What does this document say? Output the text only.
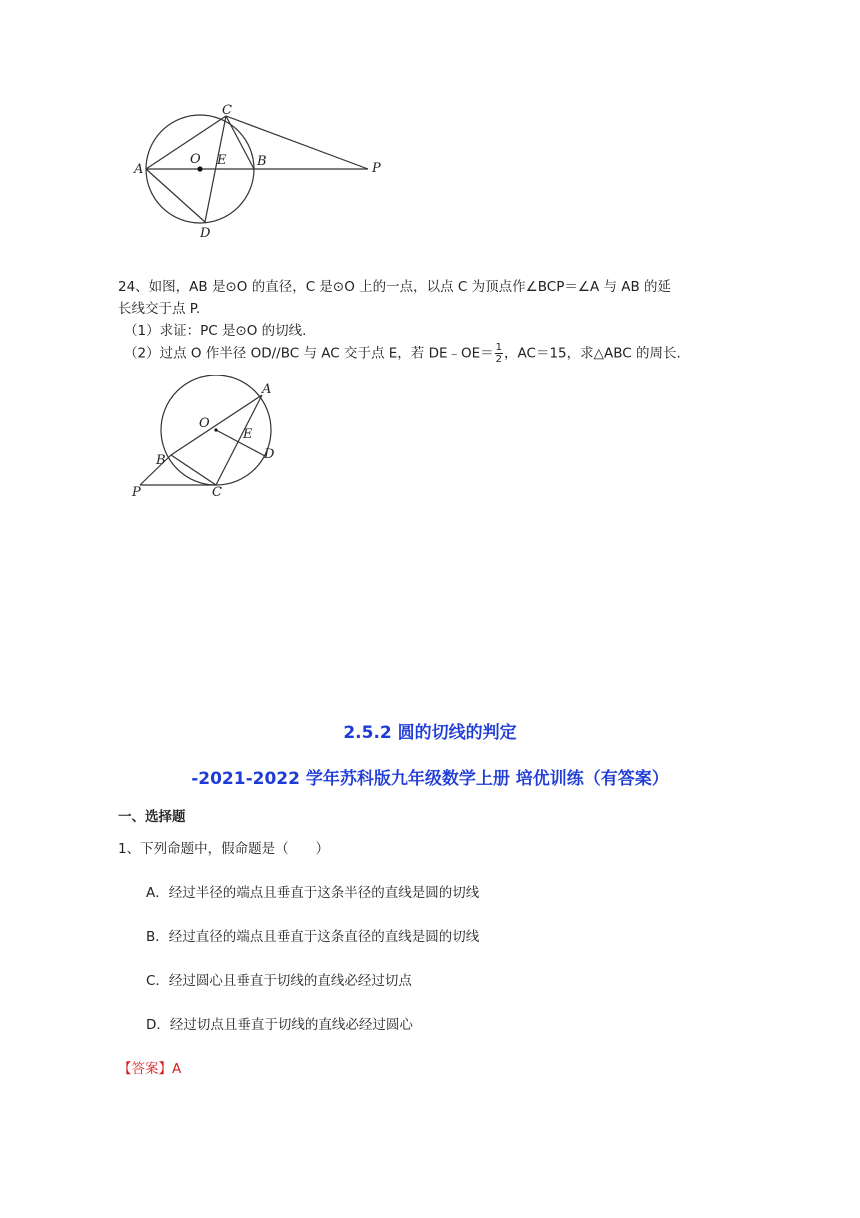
C
A
O E B	P
D
24、如图，AB 是⊙O 的直径，C 是⊙O 上的一点，以点 C 为顶点作∠BCP＝∠A 与 AB 的延
长线交于点 P.
（1）求证：PC 是⊙O 的切线.
（2）过点 O 作半径 OD//BC 与 AC 交于点 E，若 DE﹣OE＝ $\frac{1}{2}$ ，AC＝15，求△ABC 的周长.
A
O
E
D
B
P	C
2.5.2 圆的切线的判定
-2021-2022 学年苏科版九年级数学上册 培优训练（有答案）
一、选择题
1、下列命题中，假命题是（　　）
A．经过半径的端点且垂直于这条半径的直线是圆的切线
B．经过直径的端点且垂直于这条直径的直线是圆的切线
C．经过圆心且垂直于切线的直线必经过切点
D．经过切点且垂直于切线的直线必经过圆心
【答案】A
